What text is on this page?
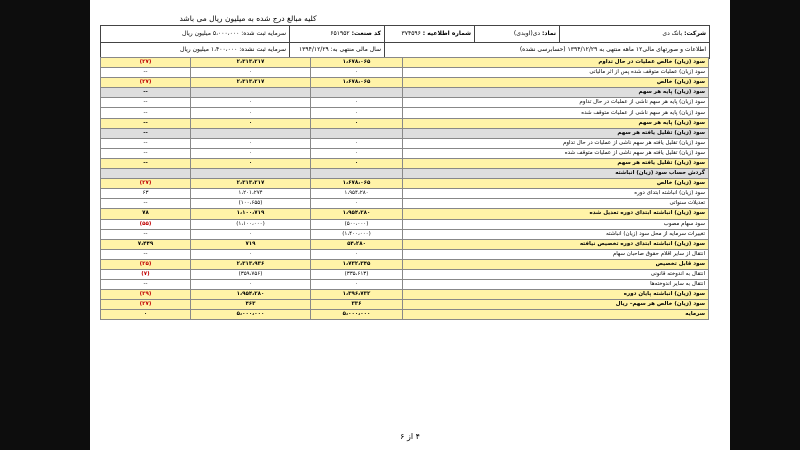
کلیه مبالغ درج شده به میلیون ریال می باشد
شرکت: بانک دی
نماد: دی(اوبدی)
شماره اطلاعیه : ۳۷۴۵۹۶
کد صنعت: ۶۵۱۹۵۲
سرمایه ثبت شده: ۵،۰۰۰،۰۰۰ میلیون ریال
اطلاعات و صورتهای مالی۱۲ ماهه منتهی به ۱۳۹۴/۱۲/۲۹ (حسابرسی نشده)
سال مالی منتهی به: ۱۳۹۴/۱۲/۲۹
سرمایه ثبت نشده: ۱،۴۰۰،۰۰۰ میلیون ریال
(۲۷)	۲،۳۱۳،۲۱۷	۱،۶۷۸،۰۶۵	سود (زیان) خالص عملیات در حال تداوم
--	۰	۰	سود (زیان) عملیات متوقف شده پس از اثر مالیاتی
(۲۷)	۲،۳۱۳،۲۱۷	۱،۶۷۸،۰۶۵	سود (زیان) خالص
--			سود (زیان) پایه هر سهم
--	۰	۰	سود (زیان) پایه هر سهم ناشی از عملیات در حال تداوم
--	۰	۰	سود (زیان) پایه هر سهم ناشی از عملیات متوقف شده
--	۰	۰	سود (زیان) پایه هر سهم
--			سود (زیان) تقلیل یافته هر سهم
--	۰	۰	سود (زیان) تقلیل یافته هر سهم ناشی از عملیات در حال تداوم
--	۰	۰	سود (زیان) تقلیل یافته هر سهم ناشی از عملیات متوقف شده
--	۰	۰	سود (زیان) تقلیل یافته هر سهم
			گردش حساب سود (زیان) انباشته
(۲۷)	۲،۳۱۳،۲۱۷	۱،۶۷۸،۰۶۵	سود (زیان) خالص
۶۳	۱،۲۰۱،۲۷۴	۱،۹۵۴،۲۸۰	سود (زیان) انباشته ابتدای دوره
--	(۱۰۰،۶۵۵)	۰	تعدیلات سنواتی
۷۸	۱،۱۰۰،۷۱۹	۱،۹۵۴،۲۸۰	سود (زیان) انباشته ابتدای دوره تعدیل شده
(۵۵)	(۱،۱۰۰،۰۰۰)	(۵۰۰،۰۰۰)	سود سهام مصوب
--	۰	(۱،۴۰۰،۰۰۰)	تغییرات سرمایه از محل سود (زیان) انباشته
۷،۴۴۹	۷۱۹	۵۴،۲۸۰	سود (زیان) انباشته ابتدای دوره تخصیص نیافته
--	۰	۰	انتقال از سایر اقلام حقوق صاحبان سهام
(۲۵)	۲،۳۱۳،۹۳۶	۱،۷۳۲،۳۴۵	سود قابل تخصیص
(۷)	(۳۵۹،۷۵۶)	(۳۳۵،۶۱۳)	انتقال به اندوخته قانونی
--	۰	۰	انتقال به سایر اندوخته‌ها
(۲۹)	۱،۹۵۴،۲۸۰	۱،۳۹۶،۷۳۲	سود (زیان) انباشته پایان دوره
(۲۷)	۴۶۳	۳۳۶	سود (زیان) خالص هر سهم‌– ریال
۰	۵،۰۰۰،۰۰۰	۵،۰۰۰،۰۰۰	سرمایه
۴ از ۶
